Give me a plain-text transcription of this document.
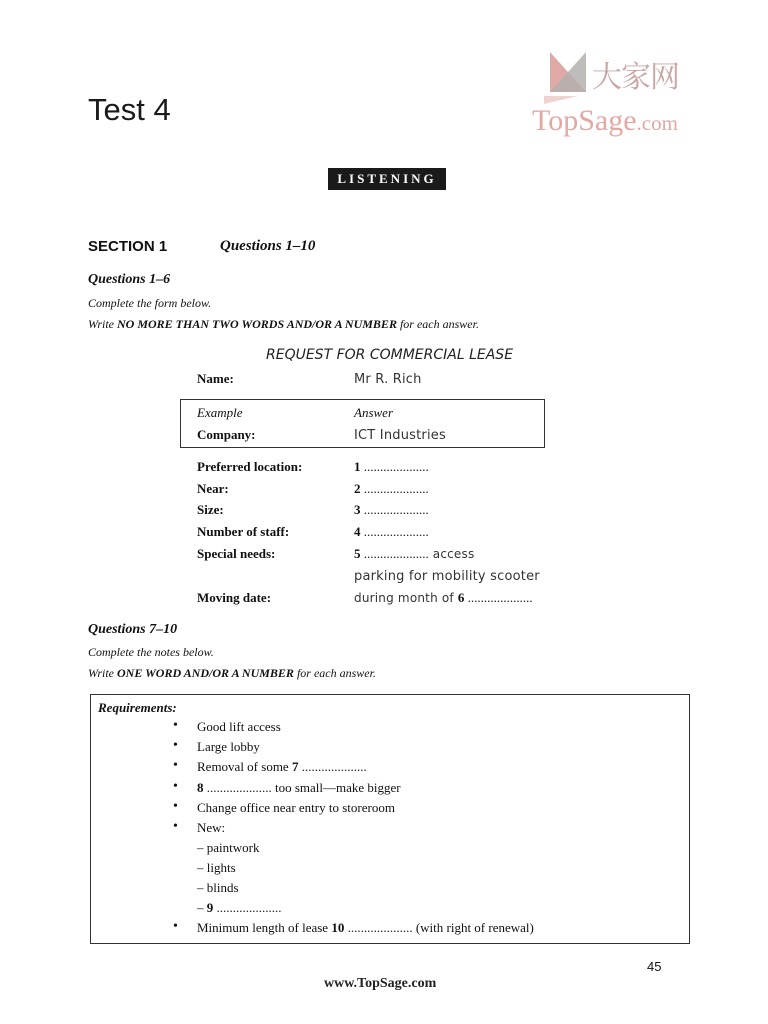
Test 4
大家网
TopSage.com
LISTENING
SECTION 1	Questions 1–10
Questions 1–6
Complete the form below.
Write NO MORE THAN TWO WORDS AND/OR A NUMBER for each answer.
REQUEST FOR COMMERCIAL LEASE
Name:	Mr R. Rich
Example	Answer
Company:	ICT Industries
Preferred location:	1 ....................
Near:	2 ....................
Size:	3 ....................
Number of staff:	4 ....................
Special needs:	5 .................... access
parking for mobility scooter
Moving date:	during month of 6 ....................
Questions 7–10
Complete the notes below.
Write ONE WORD AND/OR A NUMBER for each answer.
Requirements:
• Good lift access
• Large lobby
• Removal of some 7 ....................
• 8 .................... too small—make bigger
• Change office near entry to storeroom
• New:
– paintwork
– lights
– blinds
– 9 ....................
• Minimum length of lease 10 .................... (with right of renewal)
45
www.TopSage.com
